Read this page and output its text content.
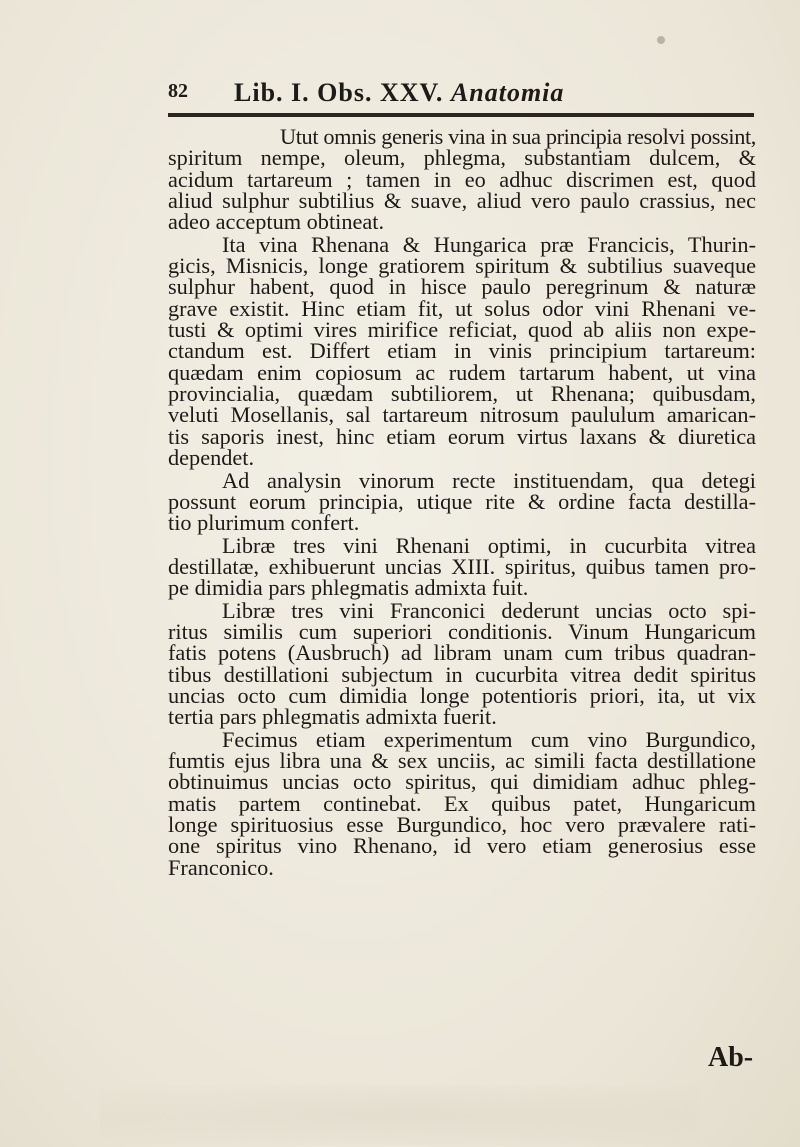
82 Lib. I. Obs. XXV. Anatomia
Utut omnis generis vina in sua principia resolvi possint,
spiritum nempe, oleum, phlegma, substantiam dulcem, &
acidum tartareum ; tamen in eo adhuc discrimen est, quod
aliud sulphur subtilius & suave, aliud vero paulo crassius, nec
adeo acceptum obtineat.
Ita vina Rhenana & Hungarica præ Francicis, Thurin-
gicis, Misnicis, longe gratiorem spiritum & subtilius suaveque
sulphur habent, quod in hisce paulo peregrinum & naturæ
grave existit. Hinc etiam fit, ut solus odor vini Rhenani ve-
tusti & optimi vires mirifice reficiat, quod ab aliis non expe-
ctandum est. Differt etiam in vinis principium tartareum:
quædam enim copiosum ac rudem tartarum habent, ut vina
provincialia, quædam subtiliorem, ut Rhenana; quibusdam,
veluti Mosellanis, sal tartareum nitrosum paululum amarican-
tis saporis inest, hinc etiam eorum virtus laxans & diuretica
dependet.
Ad analysin vinorum recte instituendam, qua detegi
possunt eorum principia, utique rite & ordine facta destilla-
tio plurimum confert.
Libræ tres vini Rhenani optimi, in cucurbita vitrea
destillatæ, exhibuerunt uncias XIII. spiritus, quibus tamen pro-
pe dimidia pars phlegmatis admixta fuit.
Libræ tres vini Franconici dederunt uncias octo spi-
ritus similis cum superiori conditionis. Vinum Hungaricum
fatis potens (Ausbruch) ad libram unam cum tribus quadran-
tibus destillationi subjectum in cucurbita vitrea dedit spiritus
uncias octo cum dimidia longe potentioris priori, ita, ut vix
tertia pars phlegmatis admixta fuerit.
Fecimus etiam experimentum cum vino Burgundico,
fumtis ejus libra una & sex unciis, ac simili facta destillatione
obtinuimus uncias octo spiritus, qui dimidiam adhuc phleg-
matis partem continebat. Ex quibus patet, Hungaricum
longe spirituosius esse Burgundico, hoc vero prævalere rati-
one spiritus vino Rhenano, id vero etiam generosius esse
Franconico.
Ab-
